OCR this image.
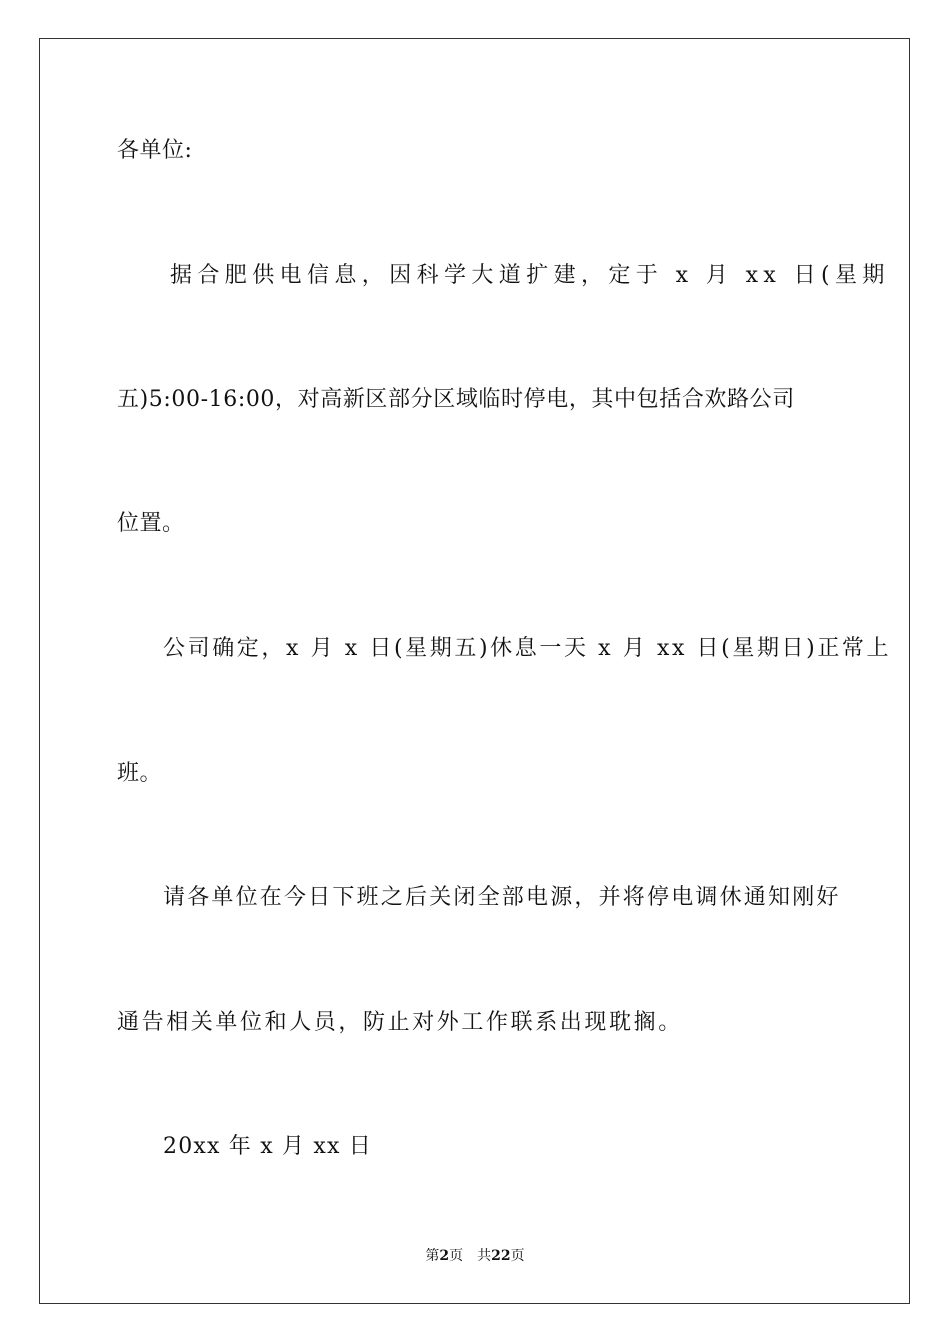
各单位:
据合肥供电信息，因科学大道扩建，定于 x 月 xx 日(星期
五)5:00-16:00，对高新区部分区域临时停电，其中包括合欢路公司
位置。
公司确定，x 月 x 日(星期五)休息一天 x 月 xx 日(星期日)正常上
班。
请各单位在今日下班之后关闭全部电源，并将停电调休通知刚好
通告相关单位和人员，防止对外工作联系出现耽搁。
20xx 年 x 月 xx 日
第2页 共22页
